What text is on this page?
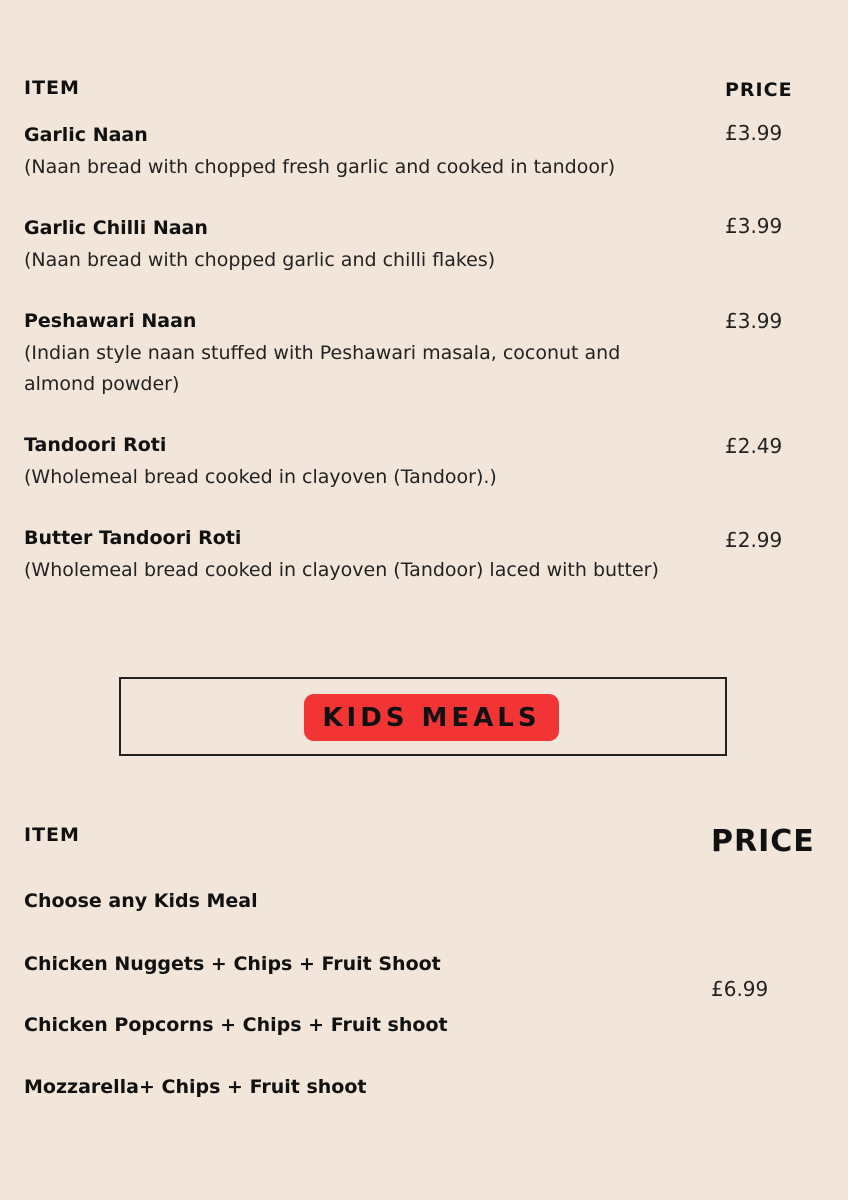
ITEM	PRICE
Garlic Naan
(Naan bread with chopped fresh garlic and cooked in tandoor)
£3.99
Garlic Chilli Naan
(Naan bread with chopped garlic and chilli flakes)
£3.99
Peshawari Naan
(Indian style naan stuffed with Peshawari masala, coconut and almond powder)
£3.99
Tandoori Roti
(Wholemeal bread cooked in clayoven (Tandoor).)
£2.49
Butter Tandoori Roti
(Wholemeal bread cooked in clayoven (Tandoor) laced with butter)
£2.99
KIDS MEALS
ITEM	PRICE
Choose any Kids Meal
Chicken Nuggets + Chips + Fruit Shoot
Chicken Popcorns + Chips + Fruit shoot
Mozzarella+ Chips + Fruit shoot
£6.99
